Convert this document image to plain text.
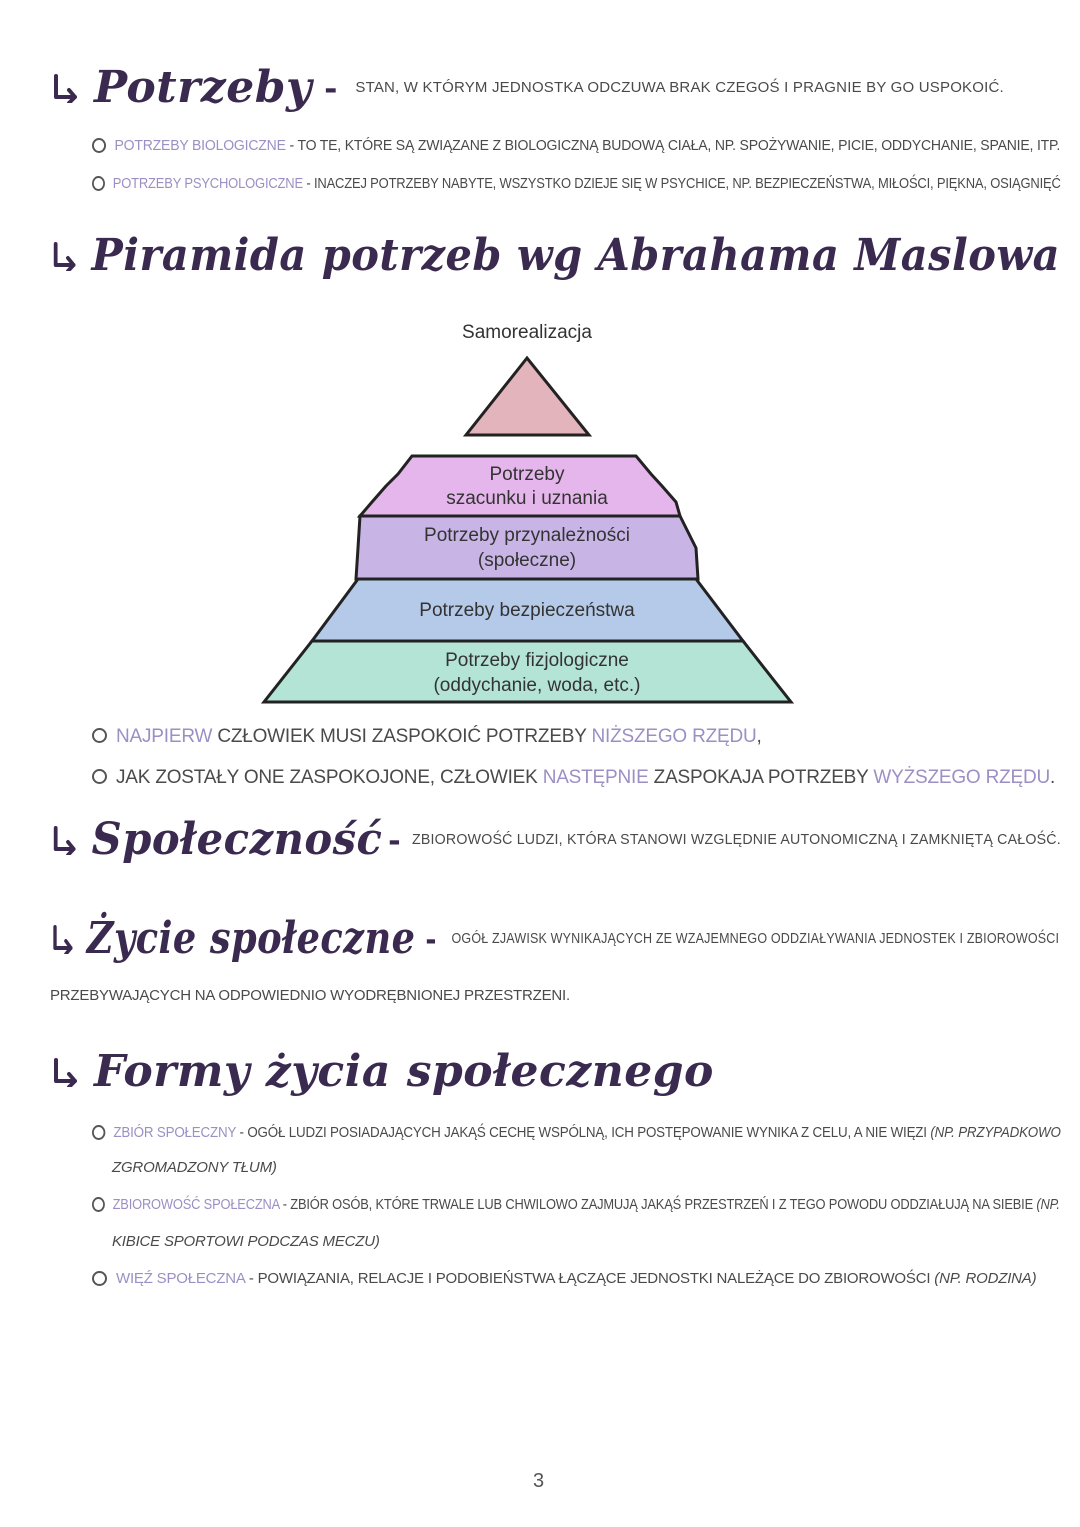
Potrzeby - STAN, W KTÓRYM JEDNOSTKA ODCZUWA BRAK CZEGOŚ I PRAGNIE BY GO USPOKOIĆ.
POTRZEBY BIOLOGICZNE - TO TE, KTÓRE SĄ ZWIĄZANE Z BIOLOGICZNĄ BUDOWĄ CIAŁA, NP. SPOŻYWANIE, PICIE, ODDYCHANIE, SPANIE, ITP.
POTRZEBY PSYCHOLOGICZNE - INACZEJ POTRZEBY NABYTE, WSZYSTKO DZIEJE SIĘ W PSYCHICE, NP. BEZPIECZEŃSTWA, MIŁOŚCI, PIĘKNA, OSIĄGNIĘĆ
Piramida potrzeb wg Abrahama Maslowa
Samorealizacja
Potrzeby
szacunku i uznania
Potrzeby przynależności
(społeczne)
Potrzeby bezpieczeństwa
Potrzeby fizjologiczne
(oddychanie, woda, etc.)
NAJPIERW CZŁOWIEK MUSI ZASPOKOIĆ POTRZEBY NIŻSZEGO RZĘDU,
JAK ZOSTAŁY ONE ZASPOKOJONE, CZŁOWIEK NASTĘPNIE ZASPOKAJA POTRZEBY WYŻSZEGO RZĘDU.
Społeczność - ZBIOROWOŚĆ LUDZI, KTÓRA STANOWI WZGLĘDNIE AUTONOMICZNĄ I ZAMKNIĘTĄ CAŁOŚĆ.
Życie społeczne - OGÓŁ ZJAWISK WYNIKAJĄCYCH ZE WZAJEMNEGO ODDZIAŁYWANIA JEDNOSTEK I ZBIOROWOŚCI
PRZEBYWAJĄCYCH NA ODPOWIEDNIO WYODRĘBNIONEJ PRZESTRZENI.
Formy życia społecznego
ZBIÓR SPOŁECZNY - OGÓŁ LUDZI POSIADAJĄCYCH JAKĄŚ CECHĘ WSPÓLNĄ, ICH POSTĘPOWANIE WYNIKA Z CELU, A NIE WIĘZI (NP. PRZYPADKOWO
ZGROMADZONY TŁUM)
ZBIOROWOŚĆ SPOŁECZNA - ZBIÓR OSÓB, KTÓRE TRWALE LUB CHWILOWO ZAJMUJĄ JAKĄŚ PRZESTRZEŃ I Z TEGO POWODU ODDZIAŁUJĄ NA SIEBIE (NP.
KIBICE SPORTOWI PODCZAS MECZU)
WIĘŹ SPOŁECZNA - POWIĄZANIA, RELACJE I PODOBIEŃSTWA ŁĄCZĄCE JEDNOSTKI NALEŻĄCE DO ZBIOROWOŚCI (NP. RODZINA)
3
